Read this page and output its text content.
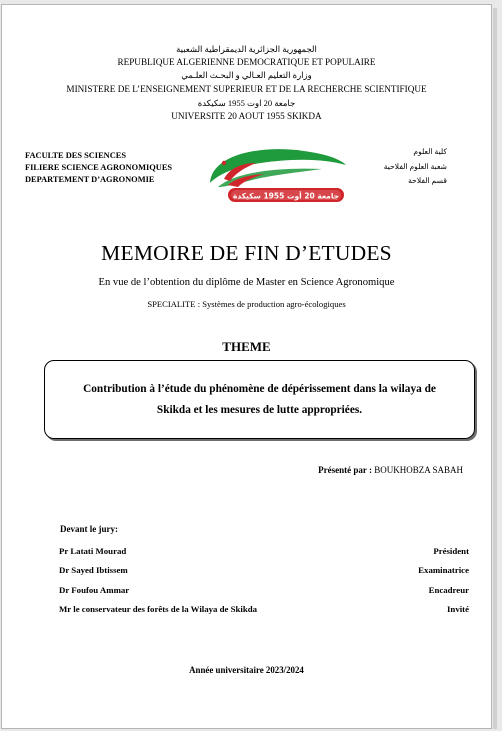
الجمهورية الجزائرية الديمقراطية الشعبية
REPUBLIQUE ALGERIENNE DEMOCRATIQUE ET POPULAIRE
وزارة التعليم العـالي و البحـث العلـمي
MINISTERE DE L’ENSEIGNEMENT SUPERIEUR ET DE LA RECHERCHE SCIENTIFIQUE
جامعة 20 اوت 1955 سكيكدة
UNIVERSITE 20 AOUT 1955 SKIKDA
FACULTE DES SCIENCES
FILIERE SCIENCE AGRONOMIQUES
DEPARTEMENT D’AGRONOMIE
كلية العلوم
شعبة العلوم الفلاحية
قسم الفلاحة
جامعة 20 أوت 1955 سكيكدة
MEMOIRE DE FIN D’ETUDES
En vue de l’obtention du diplôme de Master en Science Agronomique
SPECIALITE : Systèmes de production agro-écologiques
THEME
Contribution à l’étude du phénomène de dépérissement dans la wilaya de
Skikda et les mesures de lutte appropriées.
Présenté par : BOUKHOBZA SABAH
Devant le jury:
Pr Latati Mourad	Président
Dr Sayed Ibtissem	Examinatrice
Dr Foufou Ammar	Encadreur
Mr le conservateur des forêts de la Wilaya de Skikda	Invité
Année universitaire 2023/2024
